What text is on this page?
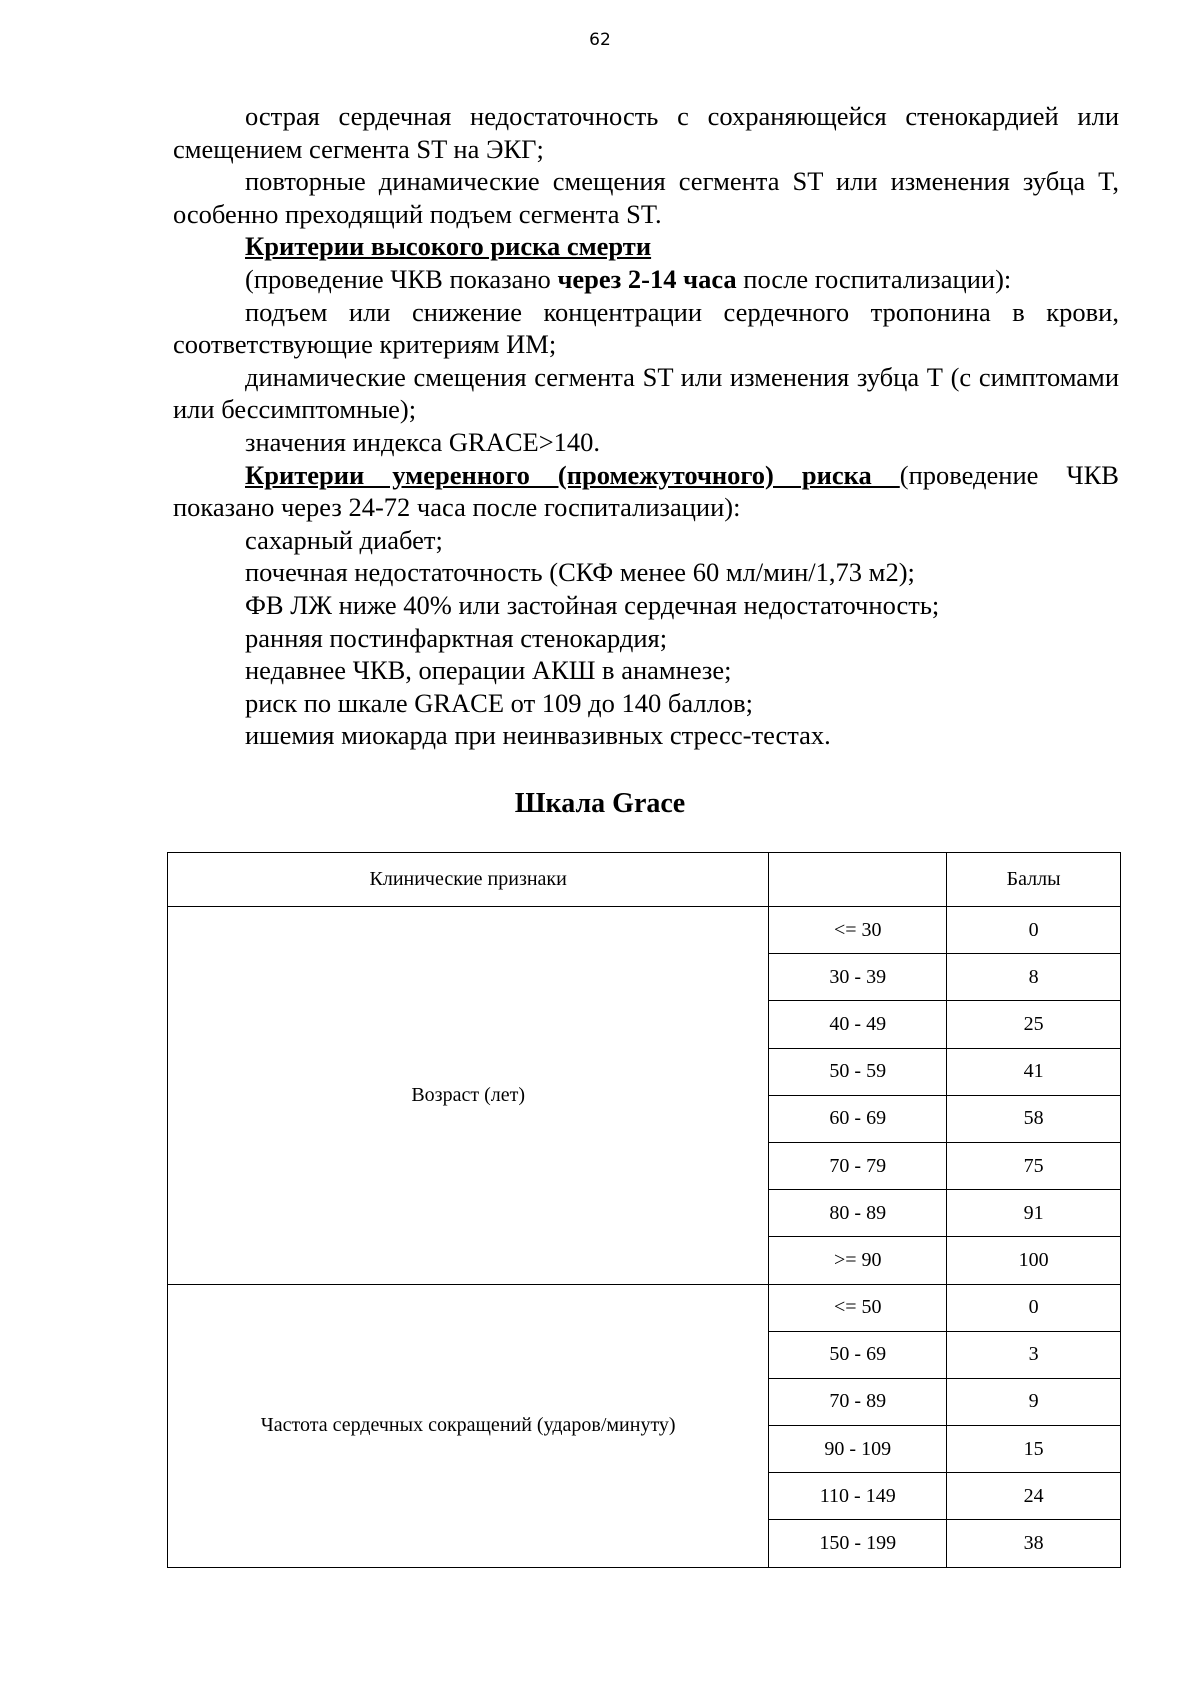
62

острая сердечная недостаточность с сохраняющейся стенокардией или смещением сегмента ST на ЭКГ;

повторные динамические смещения сегмента ST или изменения зубца T, особенно преходящий подъем сегмента ST.

Критерии высокого риска смерти

(проведение ЧКВ показано через 2-14 часа после госпитализации):

подъем или снижение концентрации сердечного тропонина в крови, соответствующие критериям ИМ;

динамические смещения сегмента ST или изменения зубца Т (с симптомами или бессимптомные);

значения индекса GRACE>140.

Критерии умеренного (промежуточного) риска (проведение ЧКВ показано через 24-72 часа после госпитализации):

сахарный диабет;

почечная недостаточность (СКФ менее 60 мл/мин/1,73 м2);

ФВ ЛЖ ниже 40% или застойная сердечная недостаточность;

ранняя постинфарктная стенокардия;

недавнее ЧКВ, операции АКШ в анамнезе;

риск по шкале GRACE от 109 до 140 баллов;

ишемия миокарда при неинвазивных стресс-тестах.

Шкала Grace
Клинические признаки		Баллы
Возраст (лет)	<= 30	0
	30 - 39	8
	40 - 49	25
	50 - 59	41
	60 - 69	58
	70 - 79	75
	80 - 89	91
	>= 90	100
Частота сердечных сокращений (ударов/минуту)	<= 50	0
	50 - 69	3
	70 - 89	9
	90 - 109	15
	110 - 149	24
	150 - 199	38
